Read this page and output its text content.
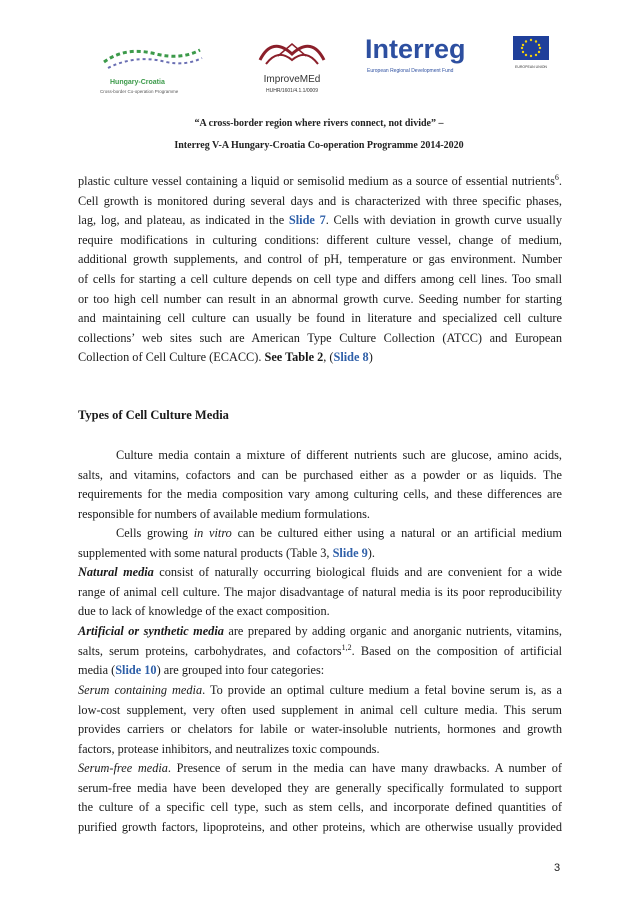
Hungary-Croatia
Cross-border Co-operation Programme
ImproveMEd
HUHR/1601/4.1.1/0009
Interreg
European Regional Development Fund
EUROPEAN UNION
“A cross-border region where rivers connect, not divide” –
Interreg V-A Hungary-Croatia Co-operation Programme 2014-2020
plastic culture vessel containing a liquid or semisolid medium as a source of essential nutrients$^6$.
Cell growth is monitored during several days and is characterized with three specific phases,
lag, log, and plateau, as indicated in the Slide 7. Cells with deviation in growth curve usually
require modifications in culturing conditions: different culture vessel, change of medium,
additional growth supplements, and control of pH, temperature or gas environment. Number
of cells for starting a cell culture depends on cell type and differs among cell lines. Too small
or too high cell number can result in an abnormal growth curve. Seeding number for starting
and maintaining cell culture can usually be found in literature and specialized cell culture
collections’ web sites such are American Type Culture Collection (ATCC) and European
Collection of Cell Culture (ECACC). See Table 2, (Slide 8)
Types of Cell Culture Media
Culture media contain a mixture of different nutrients such are glucose, amino acids,
salts, and vitamins, cofactors and can be purchased either as a powder or as liquids. The
requirements for the media composition vary among culturing cells, and these differences are
responsible for numbers of available medium formulations.
Cells growing in vitro can be cultured either using a natural or an artificial medium
supplemented with some natural products (Table 3, Slide 9).
Natural media consist of naturally occurring biological fluids and are convenient for a wide
range of animal cell culture. The major disadvantage of natural media is its poor reproducibility
due to lack of knowledge of the exact composition.
Artificial or synthetic media are prepared by adding organic and anorganic nutrients, vitamins,
salts, serum proteins, carbohydrates, and cofactors$^{1,2}$. Based on the composition of artificial
media (Slide 10) are grouped into four categories:
Serum containing media. To provide an optimal culture medium a fetal bovine serum is, as a
low-cost supplement, very often used supplement in animal cell culture media. This serum
provides carriers or chelators for labile or water-insoluble nutrients, hormones and growth
factors, protease inhibitors, and neutralizes toxic compounds.
Serum-free media. Presence of serum in the media can have many drawbacks. A number of
serum-free media have been developed they are generally specifically formulated to support
the culture of a specific cell type, such as stem cells, and incorporate defined quantities of
purified growth factors, lipoproteins, and other proteins, which are otherwise usually provided
3
